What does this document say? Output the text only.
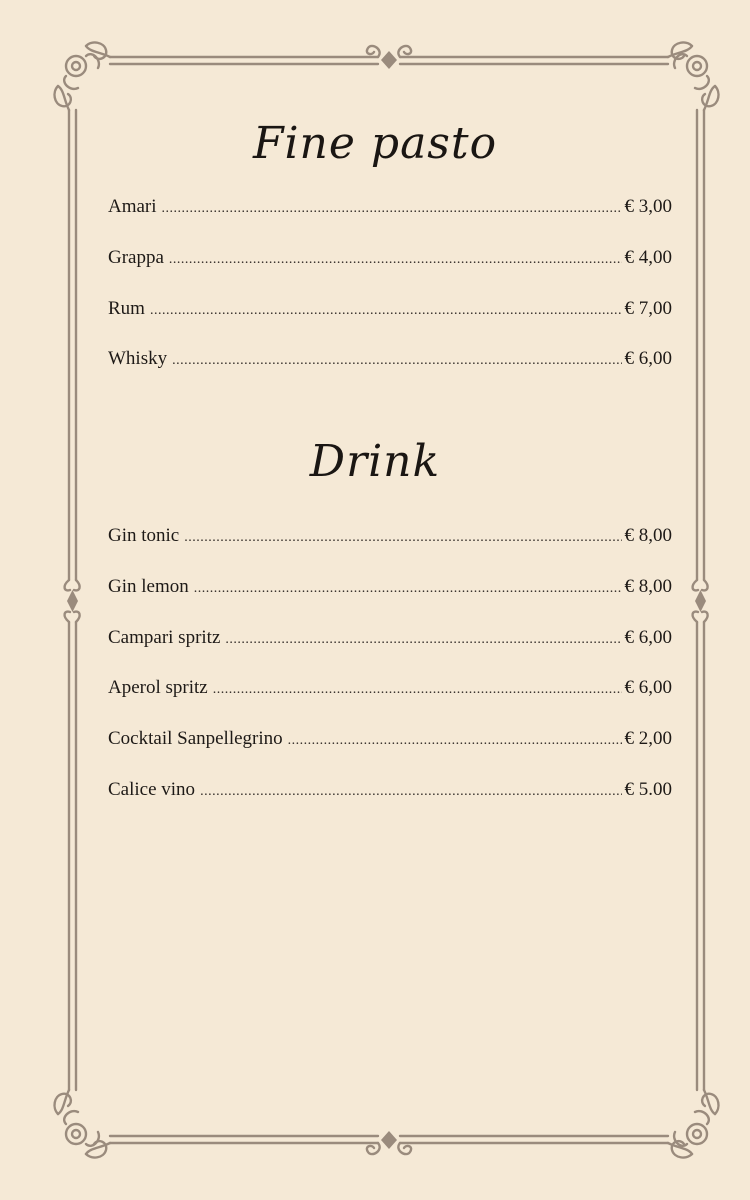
Fine pasto
Amari .....	€ 3,00
Grappa .....	€ 4,00
Rum .....	€ 7,00
Whisky .....	€ 6,00
Drink
Gin tonic .....	€ 8,00
Gin lemon .....	€ 8,00
Campari spritz .....	€ 6,00
Aperol spritz .....	€ 6,00
Cocktail Sanpellegrino .....	€ 2,00
Calice vino .....	€ 5.00
